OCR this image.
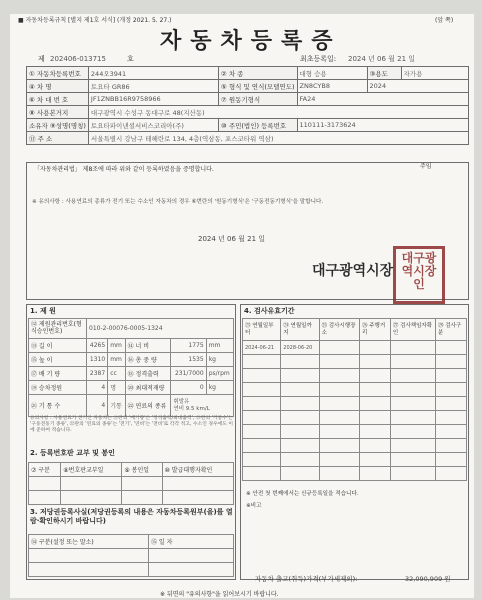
■ 자동차등록규칙 [별지 제1호 서식] (개정 2021. 5. 27.)	(앞 쪽)
자동차등록증
제 202406-013715	호	최초등록일: 2024 년 06 월 21 일
① 자동차등록번호	244오3941	② 차 종	대형 승용	③용도	자가용
④ 차 명	토요타 GR86	⑤ 형식 및 연식(모델연도)	ZN8CYB8	2024	
⑥ 차 대 번 호	JF1ZNBB16R9758966	⑦ 원동기형식	FA24		
⑧ 사용본거지	대구광역시 수성구 동대구로 48(지산동)				
소유자 ⑨성명(명칭)	토요타파이낸셜서비스코리아(주)	⑩ 주민(법인) 등록번호	110111-3173624		
⑪ 주 소	서울특별시 강남구 테헤란로 134, 4층(역삼동, 포스코타워 역삼)				
「자동차관리법」 제8조에 따라 위와 같이 등록하였음을 증명합니다.	주임
※ 유의사항 : 사용연료의 종류가 전기 또는 수소인 자동차의 경우 ⑥번란의 '원동기형식'은 '구동전동기형식'을 말합니다.
2024 년 06 월 21 일
대구광역시장
대구광역시장인
1. 제 원
⑫ 제원관리번호(형식승인번호)	010-2-00076-0005-1324				
⑬ 길 이	4265	mm	⑭ 너 비	1775	mm
⑮ 높 이	1310	mm	⑯ 총 중 량	1535	kg
⑰ 배 기 량	2387	cc	⑱ 정격출력	231/7000	ps/rpm
⑲ 승차정원	4	명	⑳ 최대적재량	0	kg
㉑ 기 통 수	4	기통	㉒ 연료의 종류	휘발유
연비 9.5 km/L	
유의사항 : 사용연료가 전기인 자동차는 ⑰란의 '배기량'은 '정격출력/최대출력', ㉑란의 '기통수'는 '구동전동기 종류', ㉒란의 '연료의 종류'는 '전기', '연비'는 '전비'로 각각 적고, 수소인 경우에도 이에 준하여 적습니다.
2. 등록번호판 교부 및 봉인
⑦ 구분	⑧번호판교부일	⑨ 봉인일	⑩ 발급대행자확인

3. 저당권등록사실(저당권등록의 내용은 자동차등록원부(을)를 열람·확인하시기 바랍니다)
⑭ 구분(설정 또는 말소)	⑮ 일 자

4. 검사유효기간
㉓ 연월일부터	㉔ 연월일까지	㉕ 검사시행장소	㉖ 주행거리	㉗ 검사책임자확인	㉘ 검사구분
2024-06-21	2028-06-20				

※ 안전 첫 번째에서는 신규등록일을 적습니다.
※비고
자동차 출고(취득)가격(부가세제외):	32,090,909 원
※ 뒤면의 "유의사항"을 읽어보시기 바랍니다.
